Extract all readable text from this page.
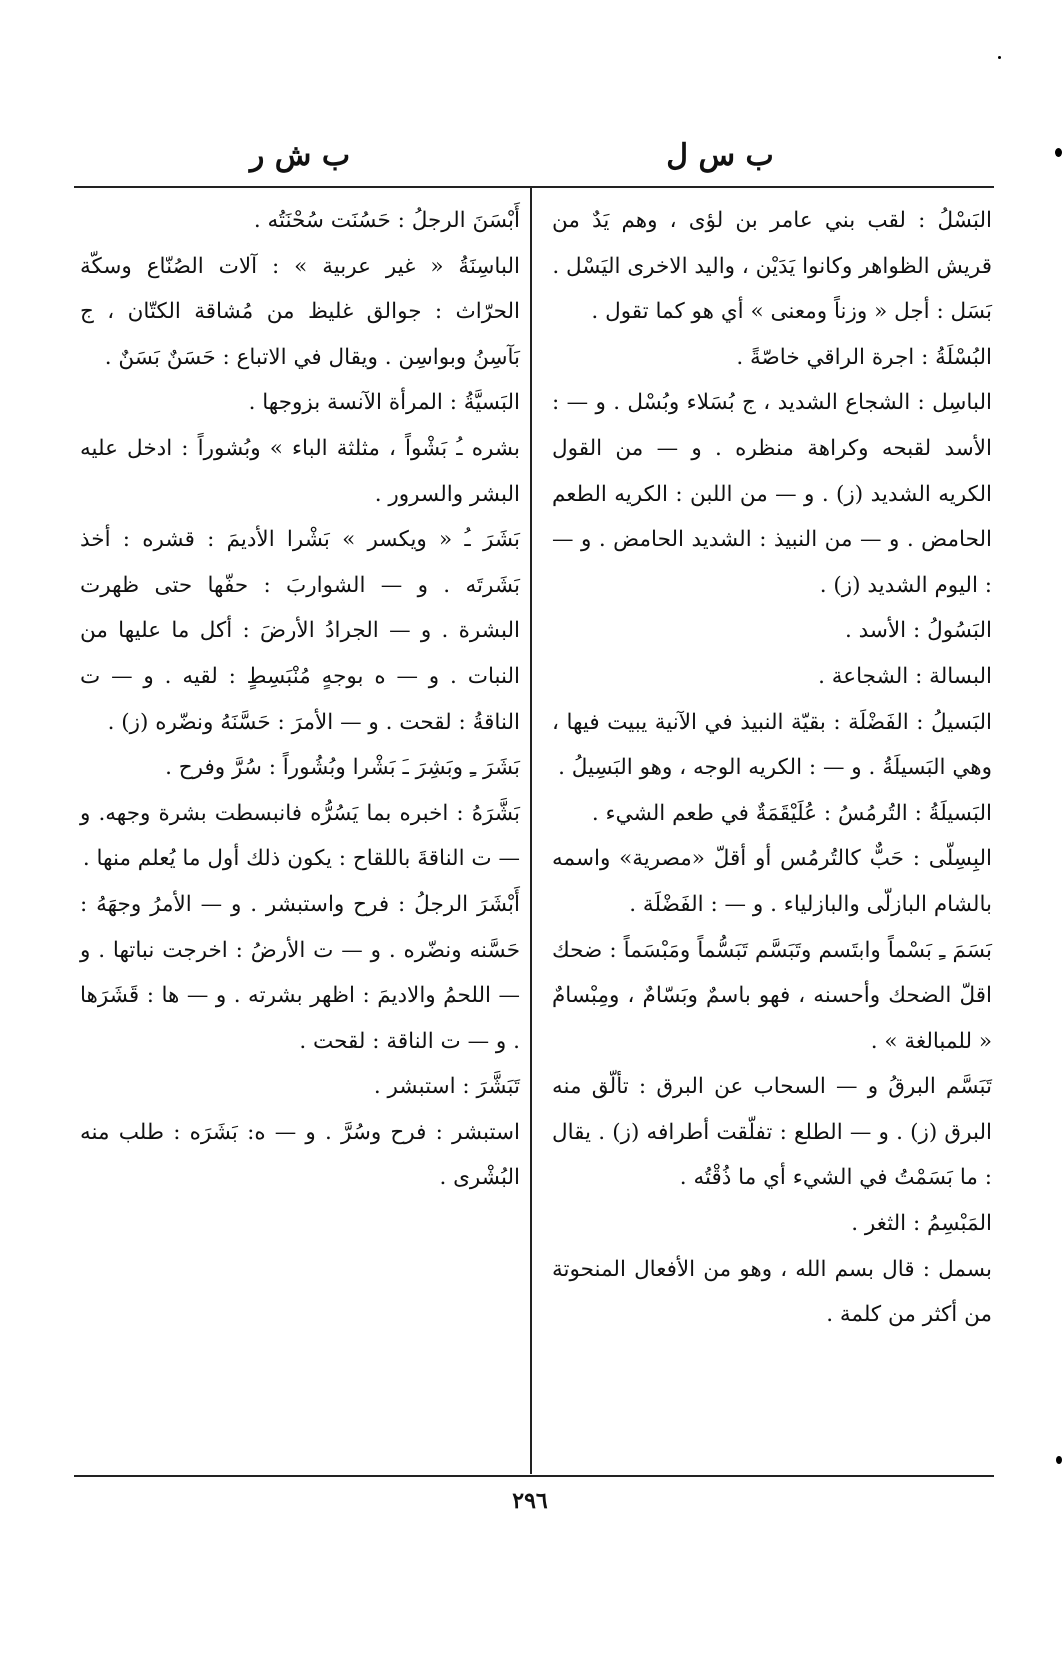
ب س ل
ب ش ر

البَسْلُ : لقب بني عامر بن لؤى ، وهم يَدٌ من قريش الظواهر وكانوا يَدَيْن ، واليد الاخرى اليَسْل .

بَسَل : أجل « وزناً ومعنى » أي هو كما تقول .

البُسْلَةُ : اجرة الراقي خاصّةً .

الباسِل : الشجاع الشديد ، ج بُسَلاء وبُسْل . و — : الأسد لقبحه وكراهة منظره . و — من القول الكريه الشديد (ز) . و — من اللبن : الكريه الطعم الحامض . و — من النبيذ : الشديد الحامض . و — : اليوم الشديد (ز) .

البَسُولُ : الأسد .

البسالة : الشجاعة .

البَسيلُ : الفَضْلَة : بقيّة النبيذ في الآنية يبيت فيها ، وهي البَسيلَةُ . و — : الكريه الوجه ، وهو البَسِيلُ .

البَسيلَةُ : التُرمُسُ : عُلَيْقَمَةٌ في طعم الشيء .

البِسِلّى : حَبٌّ كالتُرمُس أو أقلّ «مصرية» واسمه بالشام البازلّى والبازلياء . و — : الفَضْلَة .

بَسَمَ ـِ بَسْماً وابتَسم وتَبَسَّم تَبَسُّماً ومَبْسَماً : ضحك اقلّ الضحك وأحسنه ، فهو باسمٌ وبَسّامٌ ، ومِبْسامٌ « للمبالغة » .

تَبَسَّم البرقُ و — السحاب عن البرق : تألّق منه البرق (ز) . و — الطلع : تفلّقت أطرافه (ز) . يقال : ما بَسَمْتُ في الشيء أي ما ذُقْتُه .

المَبْسِمُ : الثغر .

بسمل : قال بسم الله ، وهو من الأفعال المنحوتة من أكثر من كلمة .

أَبْسَنَ الرجلُ : حَسُنَت سُحْنَتُه .

الباسِنَةُ « غير عربية » : آلات الصُنّاع وسكّة الحرّاث : جوالق غليظ من مُشاقة الكتّان ، ج بَآسِنُ وبواسِن . ويقال في الاتباع : حَسَنٌ بَسَنٌ .

البَسيَّةُ : المرأة الآنسة بزوجها .

بشره ـُ بَشْواً ، مثلثة الباء » وبُشوراً : ادخل عليه البشر والسرور .

بَشَرَ ـُ « ويكسر » بَشْرا الأديمَ : قشره : أخذ بَشَرتَه . و — الشواربَ : حفّها حتى ظهرت البشرة . و — الجرادُ الأرضَ : أكل ما عليها من النبات . و — ه بوجهٍ مُنْبَسِطٍ : لقيه . و — ت الناقةُ : لقحت . و — الأمرَ : حَسَّنَهُ ونضّره (ز) .

بَشَرَ ـِ وبَشِرَ ـَ بَشْرا وبُشُوراً : سُرَّ وفرح .

بَشَّرَهُ : اخبره بما يَسُرُّه فانبسطت بشرة وجهه. و — ت الناقةَ باللقاح : يكون ذلك أول ما يُعلم منها .

أَبْشَرَ الرجلُ : فرح واستبشر . و — الأمرُ وجهَهُ : حَسَّنه ونضّره . و — ت الأرضُ : اخرجت نباتها . و — اللحمُ والاديمَ : اظهر بشرته . و — ها : قَشَرَها . و — ت الناقة : لقحت .

تَبَشَّرَ : استبشر .

استبشر : فرح وسُرَّ . و — ه: بَشَرَه : طلب منه البُشْرى .

٢٩٦
